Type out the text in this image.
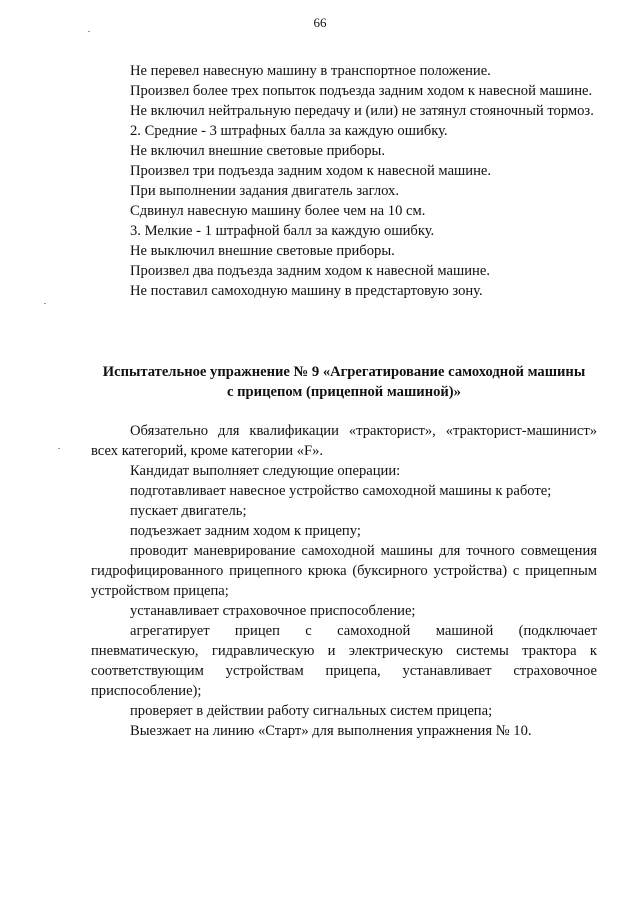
66

Не перевел навесную машину в транспортное положение.

Произвел более трех попыток подъезда задним ходом к навесной машине.

Не включил нейтральную передачу и (или) не затянул стояночный тормоз.

2. Средние - 3 штрафных балла за каждую ошибку.

Не включил внешние световые приборы.

Произвел три подъезда задним ходом к навесной машине.

При выполнении задания двигатель заглох.

Сдвинул навесную машину более чем на 10 см.

3. Мелкие - 1 штрафной балл за каждую ошибку.

Не выключил внешние световые приборы.

Произвел два подъезда задним ходом к навесной машине.

Не поставил самоходную машину в предстартовую зону.

Испытательное упражнение № 9 «Агрегатирование самоходной машины

с прицепом (прицепной машиной)»

Обязательно для квалификации «тракторист», «тракторист-машинист» всех категорий, кроме категории «F».

Кандидат выполняет следующие операции:

подготавливает навесное устройство самоходной машины к работе;

пускает двигатель;

подъезжает задним ходом к прицепу;

проводит маневрирование самоходной машины для точного совмещения гидрофицированного прицепного крюка (буксирного устройства) с прицепным устройством прицепа;

устанавливает страховочное приспособление;

агрегатирует прицеп с самоходной машиной (подключает пневматическую, гидравлическую и электрическую системы трактора к соответствующим устройствам прицепа, устанавливает страховочное приспособление);

проверяет в действии работу сигнальных систем прицепа;

Выезжает на линию «Старт» для выполнения упражнения № 10.
